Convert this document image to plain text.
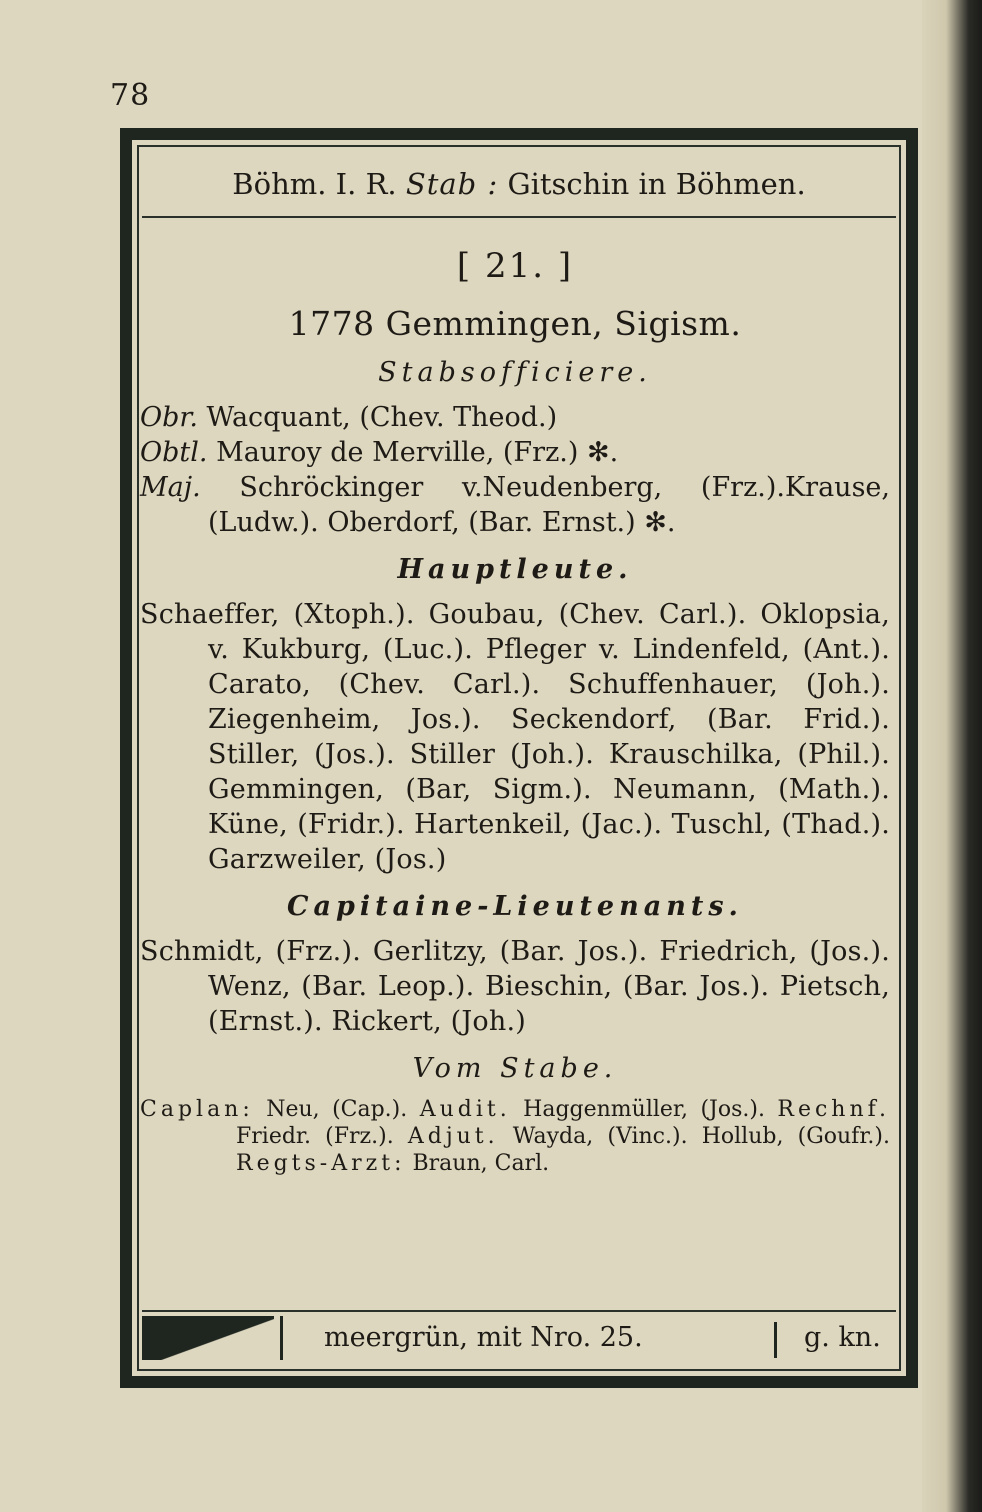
78
Böhm. I. R. Stab : Gitschin in Böhmen.
[ 21. ]
1778 Gemmingen, Sigism.
Stabsofficiere.
Obr. Wacquant, (Chev. Theod.)
Obtl. Mauroy de Merville, (Frz.) ✻.
Maj. Schröckinger v.Neudenberg, (Frz.).Krause, (Ludw.). Oberdorf, (Bar. Ernst.) ✻.
Hauptleute.
Schaeffer, (Xtoph.). Goubau, (Chev. Carl.). Oklopsia, v. Kukburg, (Luc.). Pfleger v. Lindenfeld, (Ant.). Carato, (Chev. Carl.). Schuffenhauer, (Joh.). Ziegenheim, Jos.). Seckendorf, (Bar. Frid.). Stiller, (Jos.). Stiller (Joh.). Krauschilka, (Phil.). Gemmingen, (Bar, Sigm.). Neumann, (Math.). Küne, (Fridr.). Hartenkeil, (Jac.). Tuschl, (Thad.). Garzweiler, (Jos.)
Capitaine-Lieutenants.
Schmidt, (Frz.). Gerlitzy, (Bar. Jos.). Friedrich, (Jos.). Wenz, (Bar. Leop.). Bieschin, (Bar. Jos.). Pietsch, (Ernst.). Rickert, (Joh.)
Vom Stabe.
Caplan: Neu, (Cap.). Audit. Haggenmüller, (Jos.). Rechnf. Friedr. (Frz.). Adjut. Wayda, (Vinc.). Hollub, (Goufr.). Regts-Arzt: Braun, Carl.
meergrün, mit Nro. 25.	g. kn.
